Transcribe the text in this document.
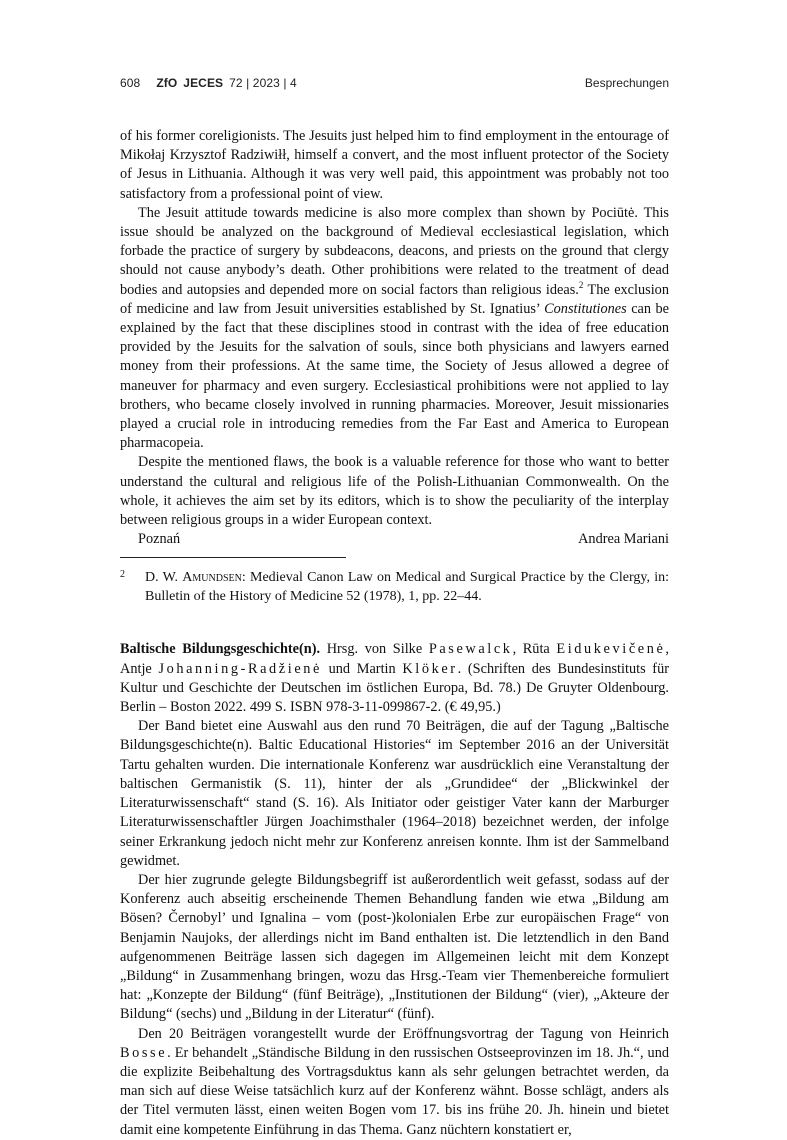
608 ZfO JECES 72 | 2023 | 4	Besprechungen

of his former coreligionists. The Jesuits just helped him to find employment in the entourage of Mikołaj Krzysztof Radziwiłł, himself a convert, and the most influent protector of the Society of Jesus in Lithuania. Although it was very well paid, this appointment was probably not too satisfactory from a professional point of view.

The Jesuit attitude towards medicine is also more complex than shown by Pociūtė. This issue should be analyzed on the background of Medieval ecclesiastical legislation, which forbade the practice of surgery by subdeacons, deacons, and priests on the ground that clergy should not cause anybody’s death. Other prohibitions were related to the treatment of dead bodies and autopsies and depended more on social factors than religious ideas.$^2$ The exclusion of medicine and law from Jesuit universities established by St. Ignatius’ Constitutiones can be explained by the fact that these disciplines stood in contrast with the idea of free education provided by the Jesuits for the salvation of souls, since both physicians and lawyers earned money from their professions. At the same time, the Society of Jesus allowed a degree of maneuver for pharmacy and even surgery. Ecclesiastical prohibitions were not applied to lay brothers, who became closely involved in running pharmacies. Moreover, Jesuit missionaries played a crucial role in introducing remedies from the Far East and America to European pharmacopeia.

Despite the mentioned flaws, the book is a valuable reference for those who want to better understand the cultural and religious life of the Polish-Lithuanian Commonwealth. On the whole, it achieves the aim set by its editors, which is to show the peculiarity of the interplay between religious groups in a wider European context.

Poznań	Andrea Mariani
2	D. W. Amundsen: Medieval Canon Law on Medical and Surgical Practice by the Clergy, in: Bulletin of the History of Medicine 52 (1978), 1, pp. 22–44.

Baltische Bildungsgeschichte(n). Hrsg. von Silke Pasewalck, Rūta Eidukevičenė, Antje Johanning-Radžienė und Martin Klöker. (Schriften des Bundesinstituts für Kultur und Geschichte der Deutschen im östlichen Europa, Bd. 78.) De Gruyter Oldenbourg. Berlin – Boston 2022. 499 S. ISBN 978-3-11-099867-2. (€ 49,95.)

Der Band bietet eine Auswahl aus den rund 70 Beiträgen, die auf der Tagung „Baltische Bildungsgeschichte(n). Baltic Educational Histories“ im September 2016 an der Universität Tartu gehalten wurden. Die internationale Konferenz war ausdrücklich eine Veranstaltung der baltischen Germanistik (S. 11), hinter der als „Grundidee“ der „Blickwinkel der Literaturwissenschaft“ stand (S. 16). Als Initiator oder geistiger Vater kann der Marburger Literaturwissenschaftler Jürgen Joachimsthaler (1964–2018) bezeichnet werden, der infolge seiner Erkrankung jedoch nicht mehr zur Konferenz anreisen konnte. Ihm ist der Sammelband gewidmet.

Der hier zugrunde gelegte Bildungsbegriff ist außerordentlich weit gefasst, sodass auf der Konferenz auch abseitig erscheinende Themen Behandlung fanden wie etwa „Bildung am Bösen? Černobyl’ und Ignalina – vom (post-)kolonialen Erbe zur europäischen Frage“ von Benjamin Naujoks, der allerdings nicht im Band enthalten ist. Die letztendlich in den Band aufgenommenen Beiträge lassen sich dagegen im Allgemeinen leicht mit dem Konzept „Bildung“ in Zusammenhang bringen, wozu das Hrsg.-Team vier Themenbereiche formuliert hat: „Konzepte der Bildung“ (fünf Beiträge), „Institutionen der Bildung“ (vier), „Akteure der Bildung“ (sechs) und „Bildung in der Literatur“ (fünf).

Den 20 Beiträgen vorangestellt wurde der Eröffnungsvortrag der Tagung von Heinrich Bosse. Er behandelt „Ständische Bildung in den russischen Ostseeprovinzen im 18. Jh.“, und die explizite Beibehaltung des Vortragsduktus kann als sehr gelungen betrachtet werden, da man sich auf diese Weise tatsächlich kurz auf der Konferenz wähnt. Bosse schlägt, anders als der Titel vermuten lässt, einen weiten Bogen vom 17. bis ins frühe 20. Jh. hinein und bietet damit eine kompetente Einführung in das Thema. Ganz nüchtern konstatiert er,
